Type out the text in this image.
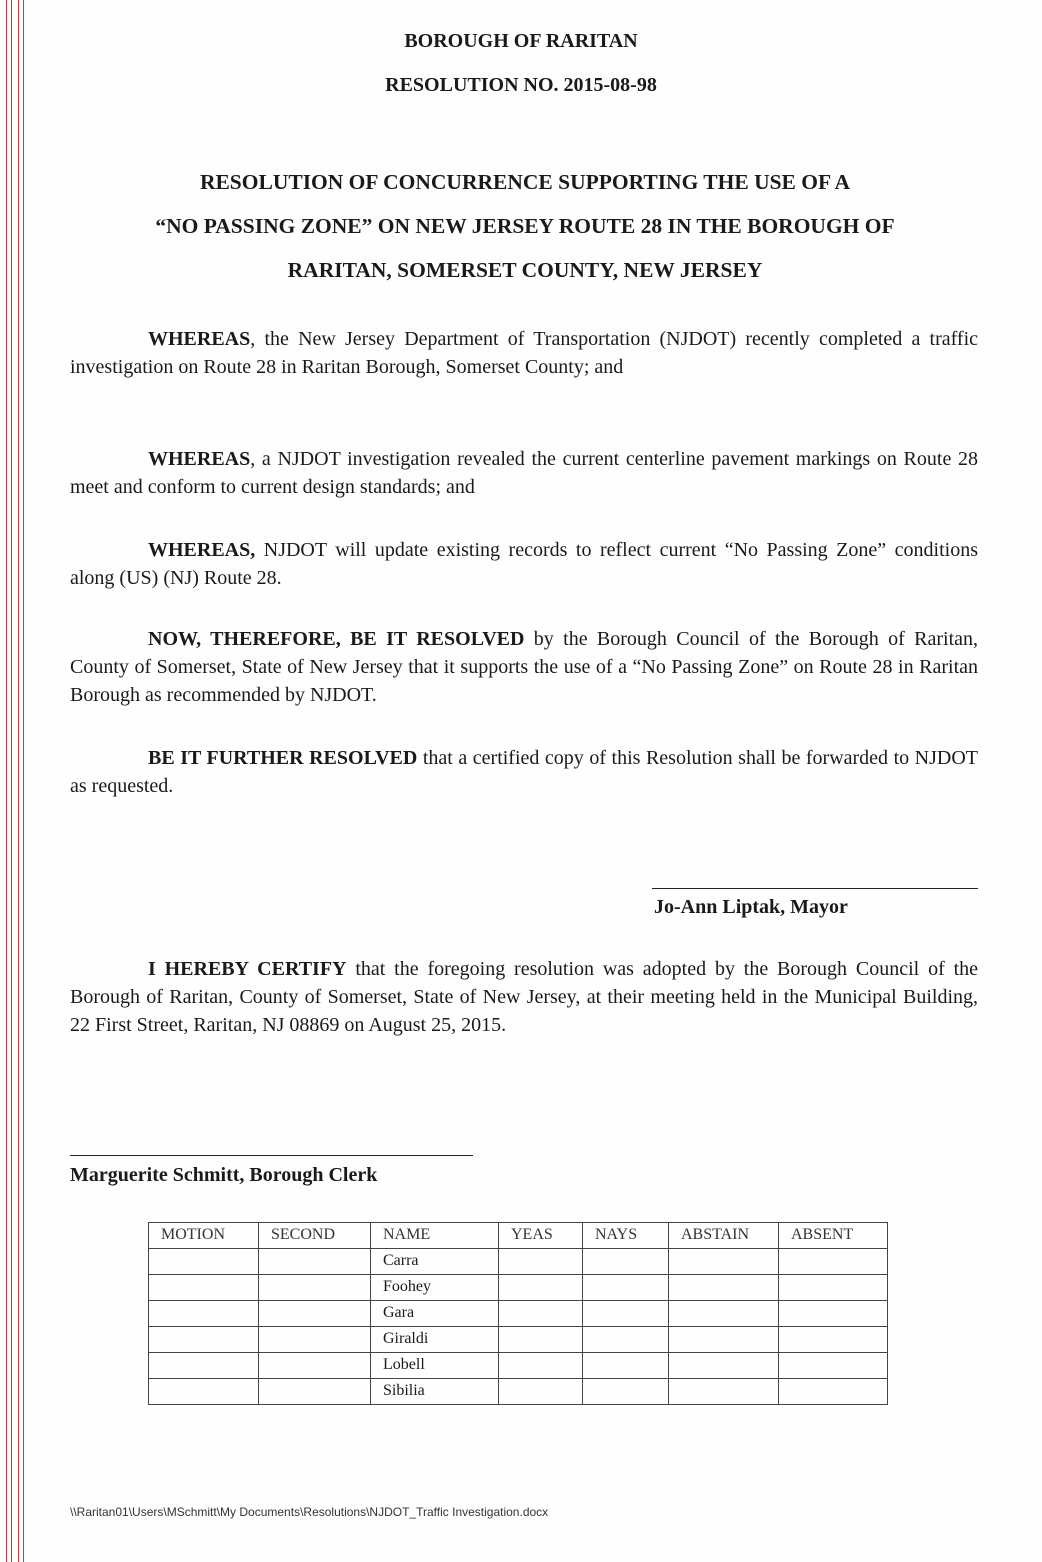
BOROUGH OF RARITAN
RESOLUTION NO. 2015-08-98
RESOLUTION OF CONCURRENCE SUPPORTING THE USE OF A
“NO PASSING ZONE” ON NEW JERSEY ROUTE 28 IN THE BOROUGH OF
RARITAN, SOMERSET COUNTY, NEW JERSEY

WHEREAS, the New Jersey Department of Transportation (NJDOT) recently completed a traffic investigation on Route 28 in Raritan Borough, Somerset County; and

WHEREAS, a NJDOT investigation revealed the current centerline pavement markings on Route 28 meet and conform to current design standards; and

WHEREAS, NJDOT will update existing records to reflect current “No Passing Zone” conditions along (US) (NJ) Route 28.

NOW, THEREFORE, BE IT RESOLVED by the Borough Council of the Borough of Raritan, County of Somerset, State of New Jersey that it supports the use of a “No Passing Zone” on Route 28 in Raritan Borough as recommended by NJDOT.

BE IT FURTHER RESOLVED that a certified copy of this Resolution shall be forwarded to NJDOT as requested.

Jo-Ann Liptak, Mayor

I HEREBY CERTIFY that the foregoing resolution was adopted by the Borough Council of the Borough of Raritan, County of Somerset, State of New Jersey, at their meeting held in the Municipal Building, 22 First Street, Raritan, NJ 08869 on August 25, 2015.

Marguerite Schmitt, Borough Clerk
MOTION	SECOND	NAME	YEAS	NAYS	ABSTAIN	ABSENT
		Carra				
		Foohey				
		Gara				
		Giraldi				
		Lobell				
		Sibilia				
\\Raritan01\Users\MSchmitt\My Documents\Resolutions\NJDOT_Traffic Investigation.docx
